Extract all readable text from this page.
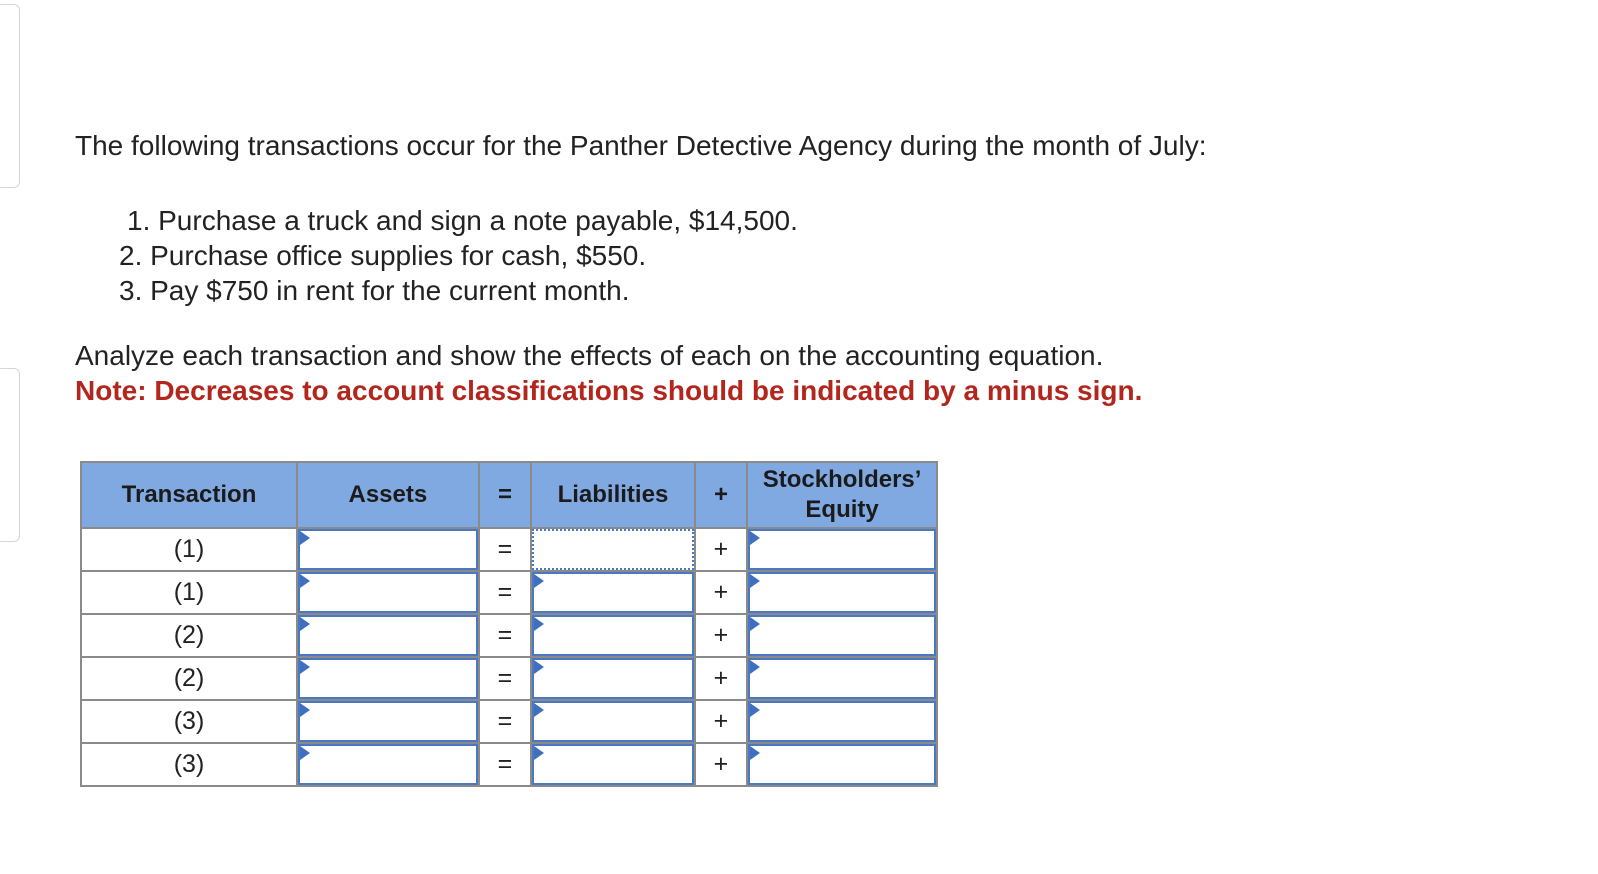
The following transactions occur for the Panther Detective Agency during the month of July:

1. Purchase a truck and sign a note payable, $14,500.
2. Purchase office supplies for cash, $550.
3. Pay $750 in rent for the current month.
Analyze each transaction and show the effects of each on the accounting equation.
Note: Decreases to account classifications should be indicated by a minus sign.
Transaction	Assets	=	Liabilities	+	Stockholders’
Equity
(1)		=		+	

(1)		=		+	

(2)		=		+	

(2)		=		+	

(3)		=		+	

(3)		=		+	
